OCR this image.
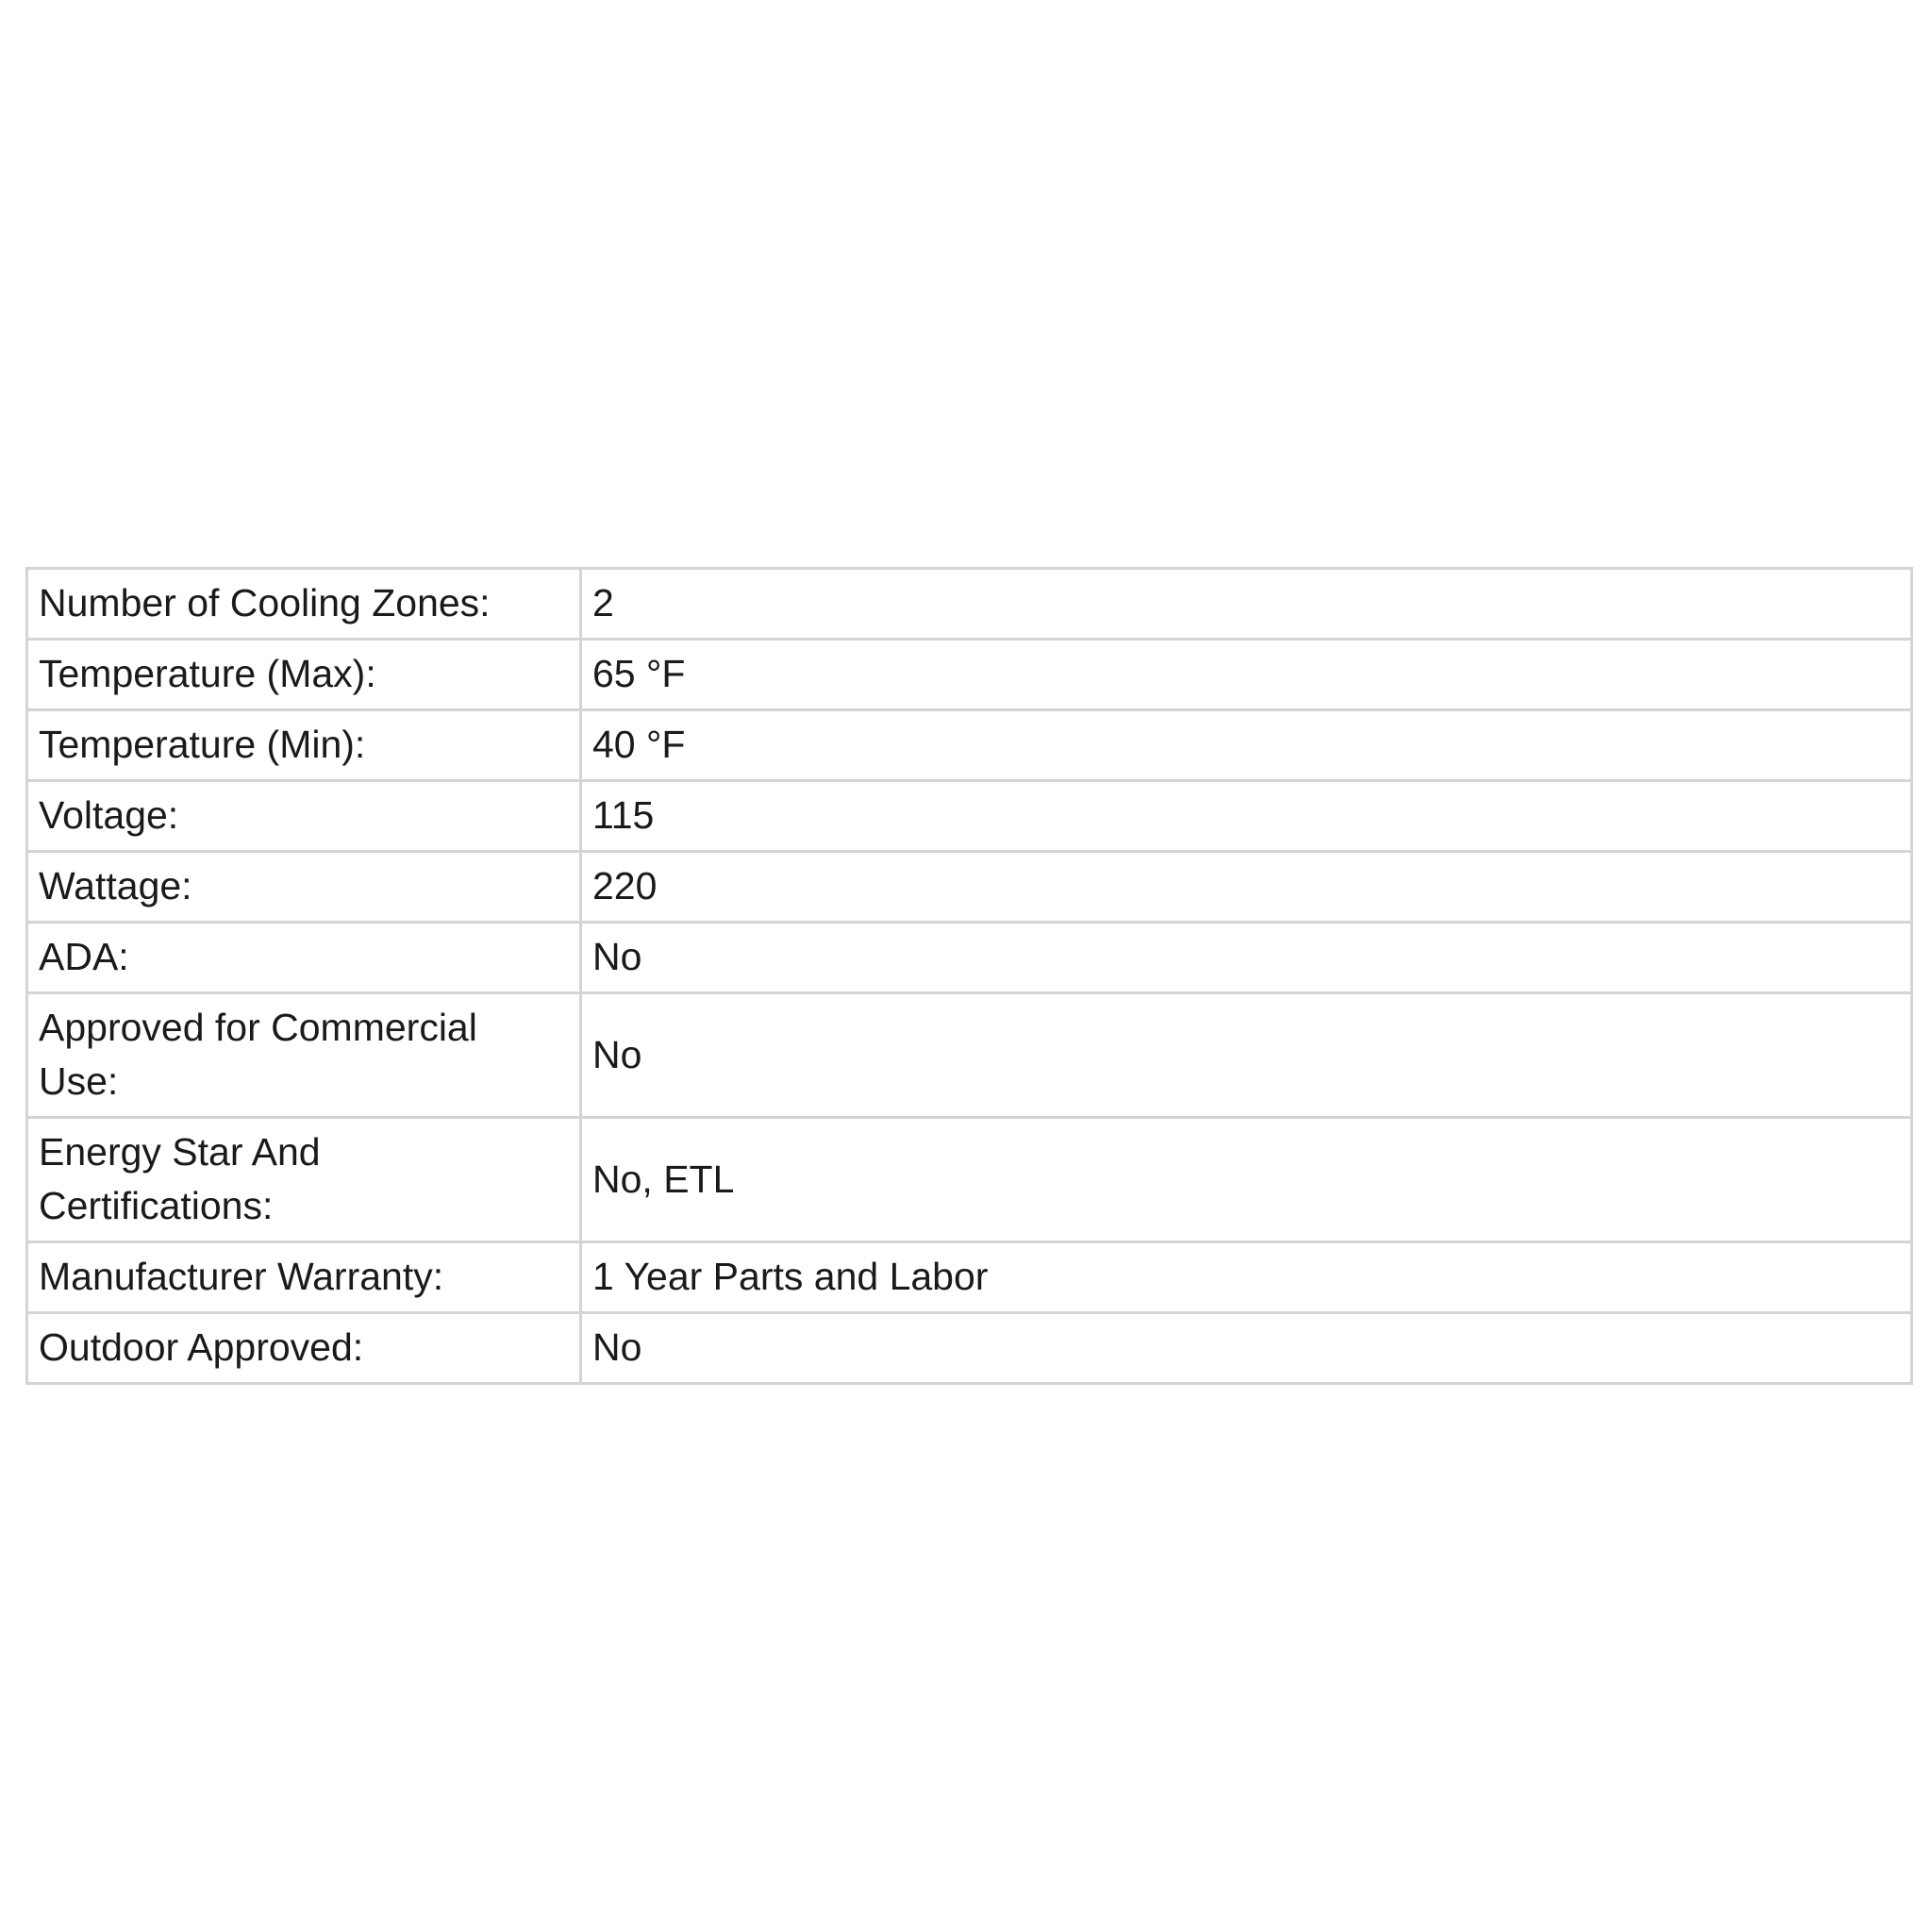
Number of Cooling Zones:	2
Temperature (Max):	65 °F
Temperature (Min):	40 °F
Voltage:	115
Wattage:	220
ADA:	No
Approved for Commercial Use:	No
Energy Star And Certifications:	No, ETL
Manufacturer Warranty:	1 Year Parts and Labor
Outdoor Approved:	No
